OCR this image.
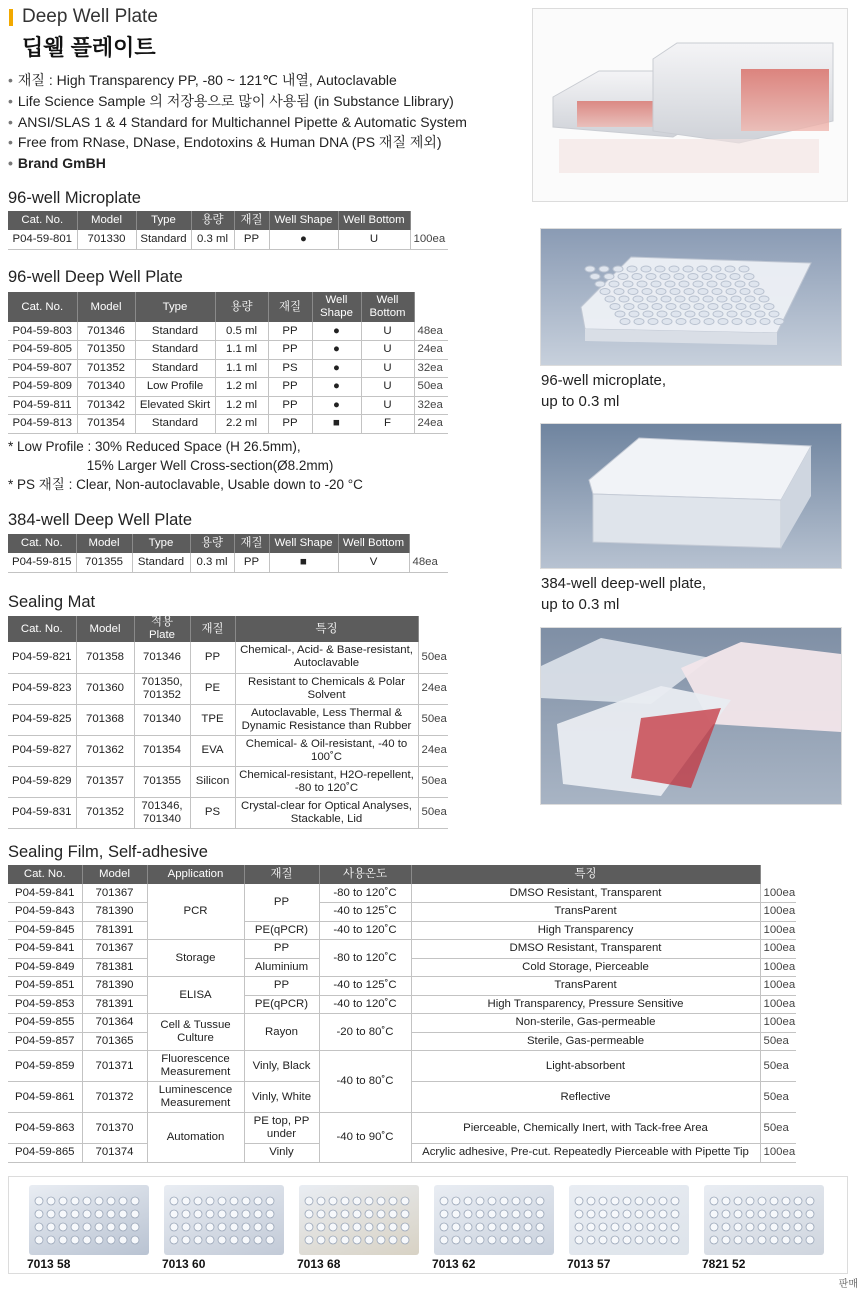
Deep Well Plate
딥웰 플레이트
• 재질 : High Transparency PP, -80 ~ 121℃ 내열, Autoclavable
• Life Science Sample 의 저장용으로 많이 사용됨 (in Substance Llibrary)
• ANSI/SLAS 1 & 4 Standard for Multichannel Pipette & Automatic System
• Free from RNase, DNase, Endotoxins & Human DNA (PS 재질 제외)
• Brand GmBH
96-well Microplate
Cat. No.	Model	Type	용량	재질	Well Shape	Well Bottom	
P04-59-801	701330	Standard	0.3 ml	PP	●	U	100ea
96-well Deep Well Plate
Cat. No.	Model	Type	용량	재질	Well Shape	Well Bottom	
P04-59-803	701346	Standard	0.5 ml	PP	●	U	48ea
P04-59-805	701350	Standard	1.1 ml	PP	●	U	24ea
P04-59-807	701352	Standard	1.1 ml	PS	●	U	32ea
P04-59-809	701340	Low Profile	1.2 ml	PP	●	U	50ea
P04-59-811	701342	Elevated Skirt	1.2 ml	PP	●	U	32ea
P04-59-813	701354	Standard	2.2 ml	PP	■	F	24ea
* Low Profile : 30% Reduced Space (H 26.5mm),
15% Larger Well Cross-section(Ø8.2mm)
* PS 재질 : Clear, Non-autoclavable, Usable down to -20 °C
384-well Deep Well Plate
Cat. No.	Model	Type	용량	재질	Well Shape	Well Bottom	
P04-59-815	701355	Standard	0.3 ml	PP	■	V	48ea
Sealing Mat
Cat. No.	Model	적용 Plate	재질	특징	
P04-59-821	701358	701346	PP	Chemical-, Acid- & Base-resistant, Autoclavable	50ea
P04-59-823	701360	701350, 701352	PE	Resistant to Chemicals & Polar Solvent	24ea
P04-59-825	701368	701340	TPE	Autoclavable, Less Thermal & Dynamic Resistance than Rubber	50ea
P04-59-827	701362	701354	EVA	Chemical- & Oil-resistant, -40 to 100˚C	24ea
P04-59-829	701357	701355	Silicon	Chemical-resistant, H2O-repellent, -80 to 120˚C	50ea
P04-59-831	701352	701346, 701340	PS	Crystal-clear for Optical Analyses, Stackable, Lid	50ea
Sealing Film, Self-adhesive
Cat. No.	Model	Application	재질	사용온도	특징	
P04-59-841	701367	PCR	PP	-80 to 120˚C	DMSO Resistant, Transparent	100ea
P04-59-843	781390			-40 to 125˚C	TransParent	100ea
P04-59-845	781391		PE(qPCR)	-40 to 120˚C	High Transparency	100ea
P04-59-841	701367	Storage	PP	-80 to 120˚C	DMSO Resistant, Transparent	100ea
P04-59-849	781381		Aluminium		Cold Storage, Pierceable	100ea
P04-59-851	781390	ELISA	PP	-40 to 125˚C	TransParent	100ea
P04-59-853	781391		PE(qPCR)	-40 to 120˚C	High Transparency, Pressure Sensitive	100ea
P04-59-855	701364	Cell & Tussue Culture	Rayon	-20 to 80˚C	Non-sterile, Gas-permeable	100ea
P04-59-857	701365				Sterile, Gas-permeable	50ea
P04-59-859	701371	Fluorescence Measurement	Vinly, Black	-40 to 80˚C	Light-absorbent	50ea
P04-59-861	701372	Luminescence Measurement	Vinly, White		Reflective	50ea
P04-59-863	701370	Automation	PE top, PP under	-40 to 90˚C	Pierceable, Chemically Inert, with Tack-free Area	50ea
P04-59-865	701374		Vinly		Acrylic adhesive, Pre-cut. Repeatedly Pierceable with Pipette Tip	100ea
96-well microplate,
up to 0.3 ml
384-well deep-well plate,
up to 0.3 ml
7013 58	7013 60	7013 68	7013 62	7013 57	7821 52
판매
